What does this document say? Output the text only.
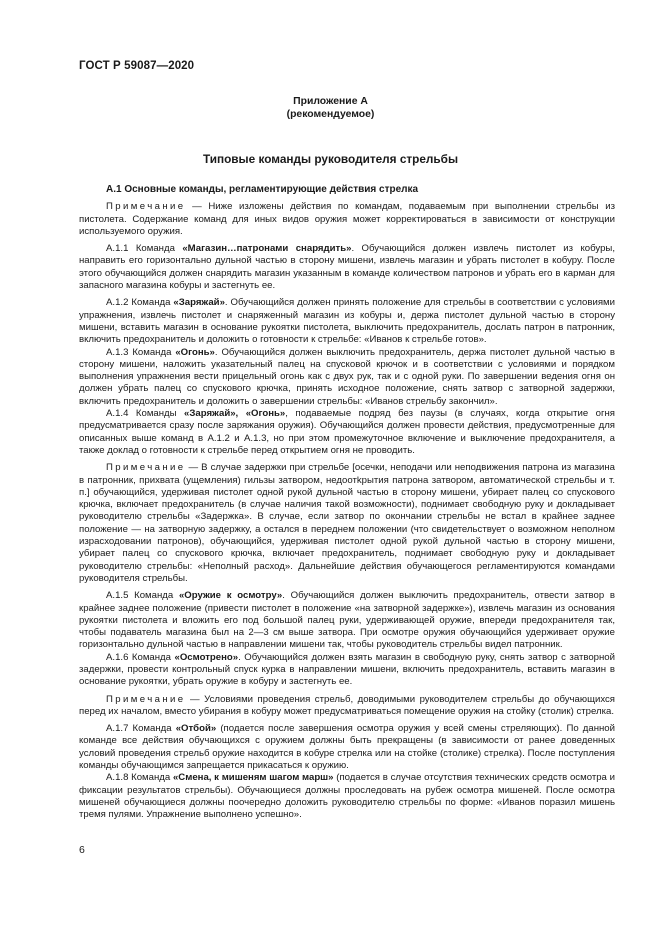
ГОСТ Р 59087—2020
Приложение А
(рекомендуемое)
Типовые команды руководителя стрельбы
А.1 Основные команды, регламентирующие действия стрелка

Примечание — Ниже изложены действия по командам, подаваемым при выполнении стрельбы из пистолета. Содержание команд для иных видов оружия может корректироваться в зависимости от конструкции используемого оружия.

А.1.1 Команда «Магазин…патронами снарядить». Обучающийся должен извлечь пистолет из кобуры, направить его горизонтально дульной частью в сторону мишени, извлечь магазин и убрать пистолет в кобуру. После этого обучающийся должен снарядить магазин указанным в команде количеством патронов и убрать его в карман для запасного магазина кобуры и застегнуть ее.

А.1.2 Команда «Заряжай». Обучающийся должен принять положение для стрельбы в соответствии с условиями упражнения, извлечь пистолет и снаряженный магазин из кобуры и, держа пистолет дульной частью в сторону мишени, вставить магазин в основание рукоятки пистолета, выключить предохранитель, дослать патрон в патронник, включить предохранитель и доложить о готовности к стрельбе: «Иванов к стрельбе готов».

А.1.3 Команда «Огонь». Обучающийся должен выключить предохранитель, держа пистолет дульной частью в сторону мишени, наложить указательный палец на спусковой крючок и в соответствии с условиями и порядком выполнения упражнения вести прицельный огонь как с двух рук, так и с одной руки. По завершении ведения огня он должен убрать палец со спускового крючка, принять исходное положение, снять затвор с затворной задержки, включить предохранитель и доложить о завершении стрельбы: «Иванов стрельбу закончил».

А.1.4 Команды «Заряжай», «Огонь», подаваемые подряд без паузы (в случаях, когда открытие огня предусматривается сразу после заряжания оружия). Обучающийся должен провести действия, предусмотренные для описанных выше команд в А.1.2 и А.1.3, но при этом промежуточное включение и выключение предохранителя, а также доклад о готовности к стрельбе перед открытием огня не проводить.

Примечание — В случае задержки при стрельбе [осечки, неподачи или неподвижения патрона из магазина в патронник, прихвата (ущемления) гильзы затвором, недоотkрытия патрона затвором, автоматической стрельбы и т. п.] обучающийся, удерживая пистолет одной рукой дульной частью в сторону мишени, убирает палец со спускового крючка, включает предохранитель (в случае наличия такой возможности), поднимает свободную руку и докладывает руководителю стрельбы «Задержка». В случае, если затвор по окончании стрельбы не встал в крайнее заднее положение — на затворную задержку, а остался в переднем положении (что свидетельствует о возможном неполном израсходовании патронов), обучающийся, удерживая пистолет одной рукой дульной частью в сторону мишени, убирает палец со спускового крючка, включает предохранитель, поднимает свободную руку и докладывает руководителю стрельбы: «Неполный расход». Дальнейшие действия обучающегося регламентируются командами руководителя стрельбы.

А.1.5 Команда «Оружие к осмотру». Обучающийся должен выключить предохранитель, отвести затвор в крайнее заднее положение (привести пистолет в положение «на затворной задержке»), извлечь магазин из основания рукоятки пистолета и вложить его под большой палец руки, удерживающей оружие, впереди предохранителя так, чтобы подаватель магазина был на 2—3 см выше затвора. При осмотре оружия обучающийся удерживает оружие горизонтально дульной частью в направлении мишени так, чтобы руководитель стрельбы видел патронник.

А.1.6 Команда «Осмотрено». Обучающийся должен взять магазин в свободную руку, снять затвор с затворной задержки, провести контрольный спуск курка в направлении мишени, включить предохранитель, вставить магазин в основание рукоятки, убрать оружие в кобуру и застегнуть ее.

Примечание — Условиями проведения стрельб, доводимыми руководителем стрельбы до обучающихся перед их началом, вместо убирания в кобуру может предусматриваться помещение оружия на стойку (столик) стрелка.

А.1.7 Команда «Отбой» (подается после завершения осмотра оружия у всей смены стреляющих). По данной команде все действия обучающихся с оружием должны быть прекращены (в зависимости от ранее доведенных условий проведения стрельб оружие находится в кобуре стрелка или на стойке (столике) стрелка). После поступления команды обучающимся запрещается прикасаться к оружию.

А.1.8 Команда «Смена, к мишеням шагом марш» (подается в случае отсутствия технических средств осмотра и фиксации результатов стрельбы). Обучающиеся должны проследовать на рубеж осмотра мишеней. После осмотра мишеней обучающиеся должны поочередно доложить руководителю стрельбы по форме: «Иванов поразил мишень тремя пулями. Упражнение выполнено успешно».

6
